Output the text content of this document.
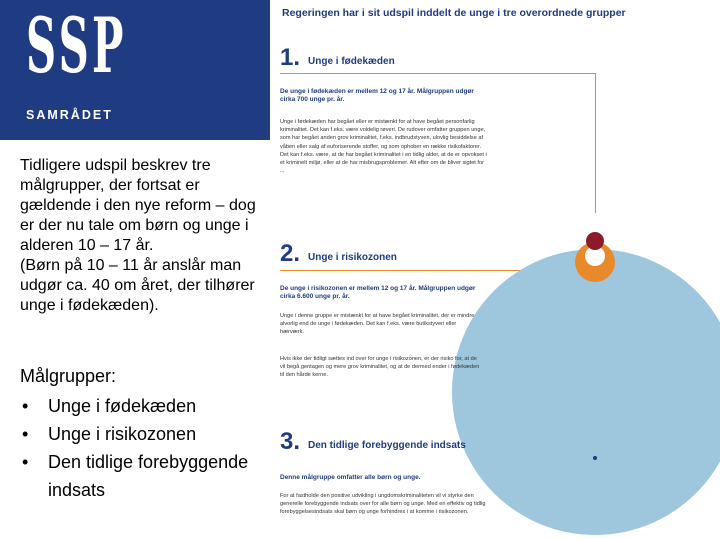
SSP
SAMRÅDET

Tidligere udspil beskrev tre målgrupper, der fortsat er gældende i den nye reform – dog er der nu tale om børn og unge i alderen 10 – 17 år.

(Børn på 10 – 11 år anslår man udgør ca. 40 om året, der tilhører unge i fødekæden).

Målgrupper:
• Unge i fødekæden
• Unge i risikozonen
• Den tidlige forebyggende indsats
Regeringen har i sit udspil inddelt de unge i tre overordnede grupper
1. Unge i fødekæden
De unge i fødekæden er mellem 12 og 17 år. Målgruppen udgør cirka 700 unge pr. år.
Unge i fødekæden har begået eller er mistænkt for at have begået personfarlig kriminalitet. Det kan f.eks. være voldelig røveri. De rudover omfatter gruppen unge, som har begået anden grov kriminalitet, f.eks. indbrudstyveri, ulovlig besiddelse af våben eller salg af euforiserende stoffer, og som ophober en række risikofaktorer. Det kan f.eks. være, at de har begået kriminalitet i en tidlig alder, at de er opvokset i et kriminelt miljø, eller at de har misbrugsproblemer. Alt efter om de bliver sigtet for ...
2. Unge i risikozonen
De unge i risikozonen er mellem 12 og 17 år. Målgruppen udgør cirka 6.600 unge pr. år.
Unge i denne gruppe er mistænkt for at have begået kriminalitet, der er mindre alvorlig end de unge i fødekæden. Det kan f.eks. være butikstyveri eller hærværk.
Hvis ikke der tidligt sættes ind over for unge i risikozonen, er der risiko for, at de vil begå gentagen og mere grov kriminalitet, og at de dermed ender i fødekæden til den hårde kerne.
3. Den tidlige forebyggende indsats
Denne målgruppe omfatter alle børn og unge.
For at fastholde den positive udvikling i ungdomskriminaliteten vil vi styrke den generelle forebyggende indsats over for alle børn og unge. Med en effektiv og tidlig forebyggelsesindsats skal børn og unge forhindres i at komme i risikozonen.
